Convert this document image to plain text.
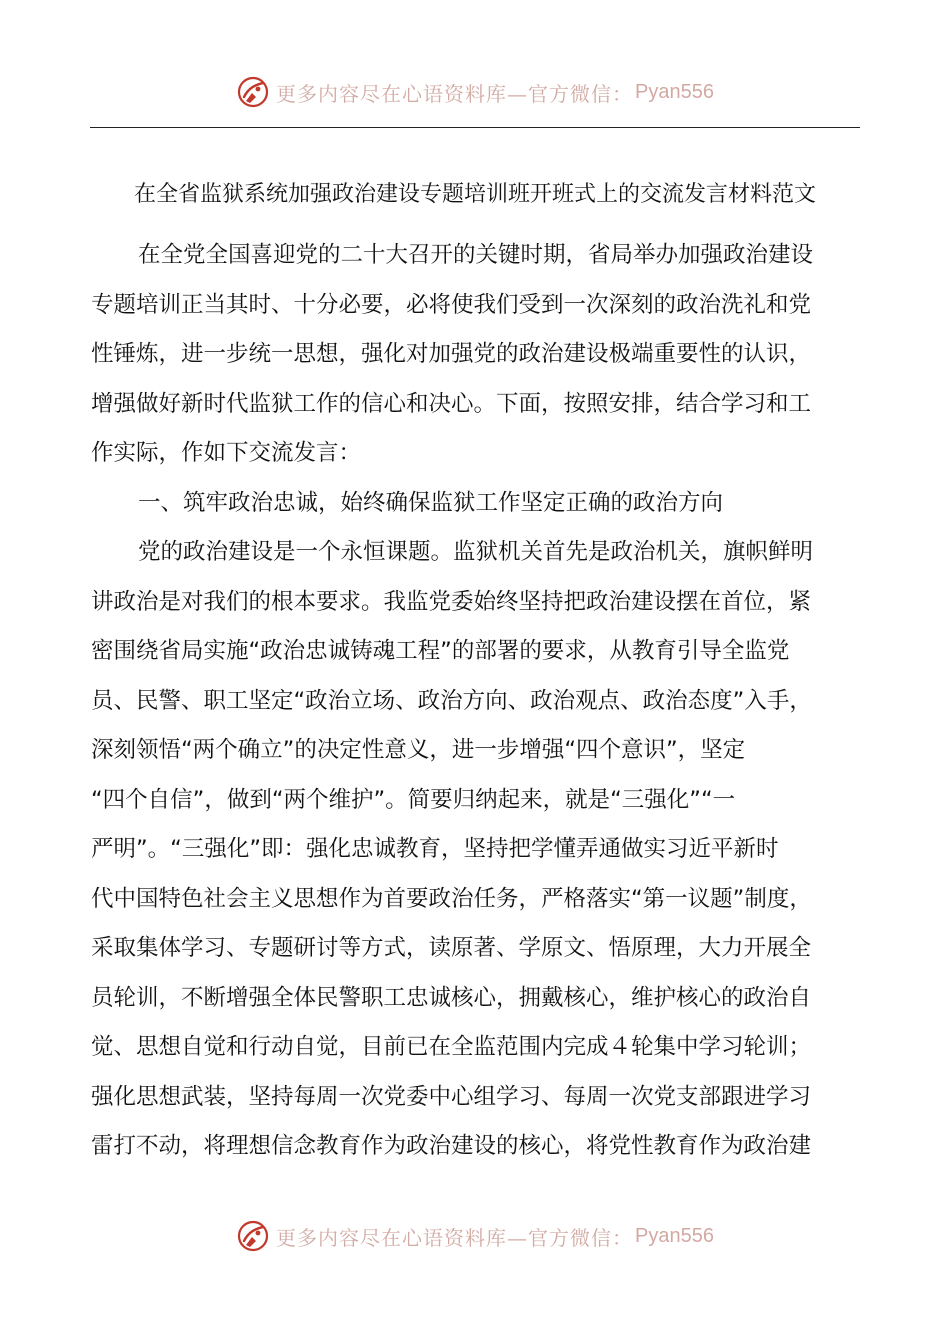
更多内容尽在心语资料库—官方微信： Pyan556
在全省监狱系统加强政治建设专题培训班开班式上的交流发言材料范文
在全党全国喜迎党的二十大召开的关键时期，省局举办加强政治建设
专题培训正当其时、十分必要，必将使我们受到一次深刻的政治洗礼和党
性锤炼，进一步统一思想，强化对加强党的政治建设极端重要性的认识，
增强做好新时代监狱工作的信心和决心。下面，按照安排，结合学习和工
作实际，作如下交流发言：
一、筑牢政治忠诚，始终确保监狱工作坚定正确的政治方向
党的政治建设是一个永恒课题。监狱机关首先是政治机关，旗帜鲜明
讲政治是对我们的根本要求。我监党委始终坚持把政治建设摆在首位，紧
密围绕省局实施“政治忠诚铸魂工程”的部署的要求，从教育引导全监党
员、民警、职工坚定“政治立场、政治方向、政治观点、政治态度”入手，
深刻领悟“两个确立”的决定性意义，进一步增强“四个意识”，坚定
“四个自信”，做到“两个维护”。简要归纳起来，就是“三强化”“一
严明”。“三强化”即：强化忠诚教育，坚持把学懂弄通做实习近平新时
代中国特色社会主义思想作为首要政治任务，严格落实“第一议题”制度，
采取集体学习、专题研讨等方式，读原著、学原文、悟原理，大力开展全
员轮训，不断增强全体民警职工忠诚核心，拥戴核心，维护核心的政治自
觉、思想自觉和行动自觉，目前已在全监范围内完成４轮集中学习轮训；
强化思想武装，坚持每周一次党委中心组学习、每周一次党支部跟进学习
雷打不动，将理想信念教育作为政治建设的核心，将党性教育作为政治建
更多内容尽在心语资料库—官方微信： Pyan556
